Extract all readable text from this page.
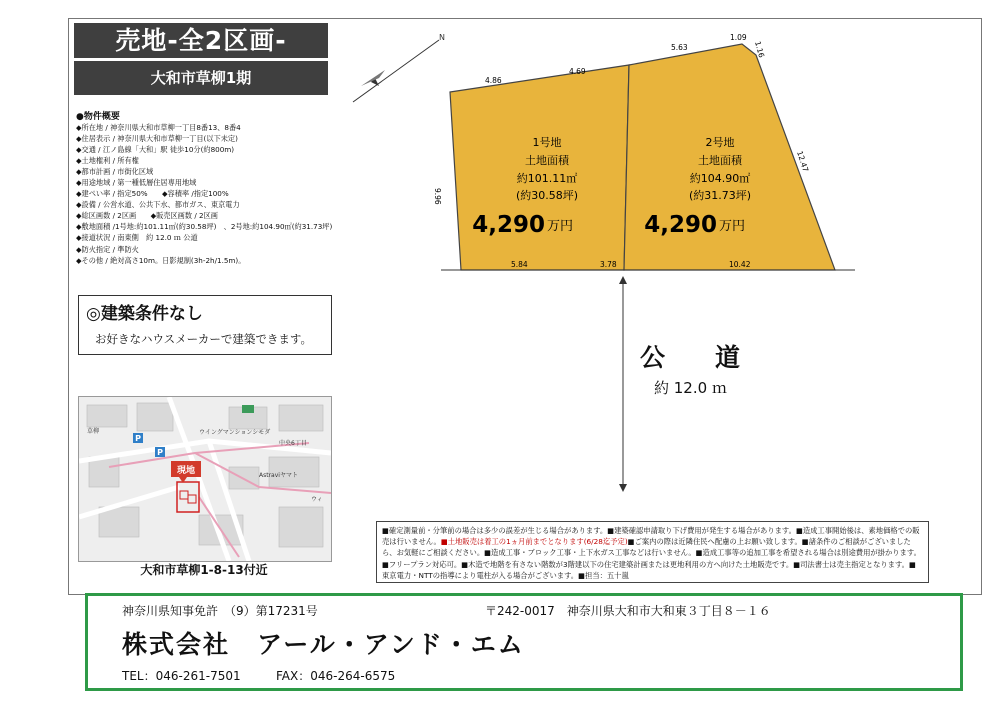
売地-全2区画-
大和市草柳1期
●物件概要
◆所在地 / 神奈川県大和市草柳一丁目8番13、8番4
◆住居表示 / 神奈川県大和市草柳一丁目(以下未定)
◆交通 / 江ノ島線「大和」駅 徒歩10分(約800m)
◆土地権利 / 所有権
◆都市計画 / 市街化区域
◆用途地域 / 第一種低層住居専用地域
◆建ぺい率 / 指定50%　　◆容積率 /指定100%
◆設備 / 公営水道、公共下水、都市ガス、東京電力
◆総区画数 / 2区画　　◆販売区画数 / 2区画
◆敷地面積 /1号地:約101.11㎡(約30.58坪)　、2号地:約104.90㎡(約31.73坪)
◆接道状況 / 南東側　約 12.0 ｍ 公道
◆防火指定 / 準防火
◆その他 / 絶対高さ10m。日影規制(3h-2h/1.5m)。
◎建築条件なし
お好きなハウスメーカーで建築できます。
現地
ウイングマンションシモダ
中央6丁目
Astraviヤマト
草柳
ウィ
P
P
大和市草柳1-8-13付近
N
4.86
4.69
5.63
1.09
1.16
12.47
9.96
5.84	3.78	10.42
1号地
土地面積
約101.11㎡
(約30.58坪)
4,290 万円
2号地
土地面積
約104.90㎡
(約31.73坪)
4,290 万円
公　　道
約 12.0 ｍ
■確定測量前・分筆前の場合は多少の誤差が生じる場合があります。■建築確認申請取り下げ費用が発生する場合があります。■造成工事開始後は、素地価格での販売は行いません。■土地販売は着工の1ヵ月前までとなります(6/28迄予定)■ご案内の際は近隣住民へ配慮の上お願い致します。■諸条件のご相談がございましたら、お気軽にご相談ください。■造成工事・ブロック工事・上下水ガス工事などは行いません。■造成工事等の追加工事を希望される場合は別途費用が掛かります。■フリープラン対応可。■木造で地階を有さない階数が3階建以下の住宅建築計画または更地利用の方へ向けた土地販売です。■司法書士は売主指定となります。■東京電力・NTTの指導により電柱が入る場合がございます。■担当：五十嵐
神奈川県知事免許　（9）第17231号	〒242-0017　神奈川県大和市大和東３丁目８－１６
株式会社　アール・アンド・エム
TEL：046-261-7501	FAX：046-264-6575
